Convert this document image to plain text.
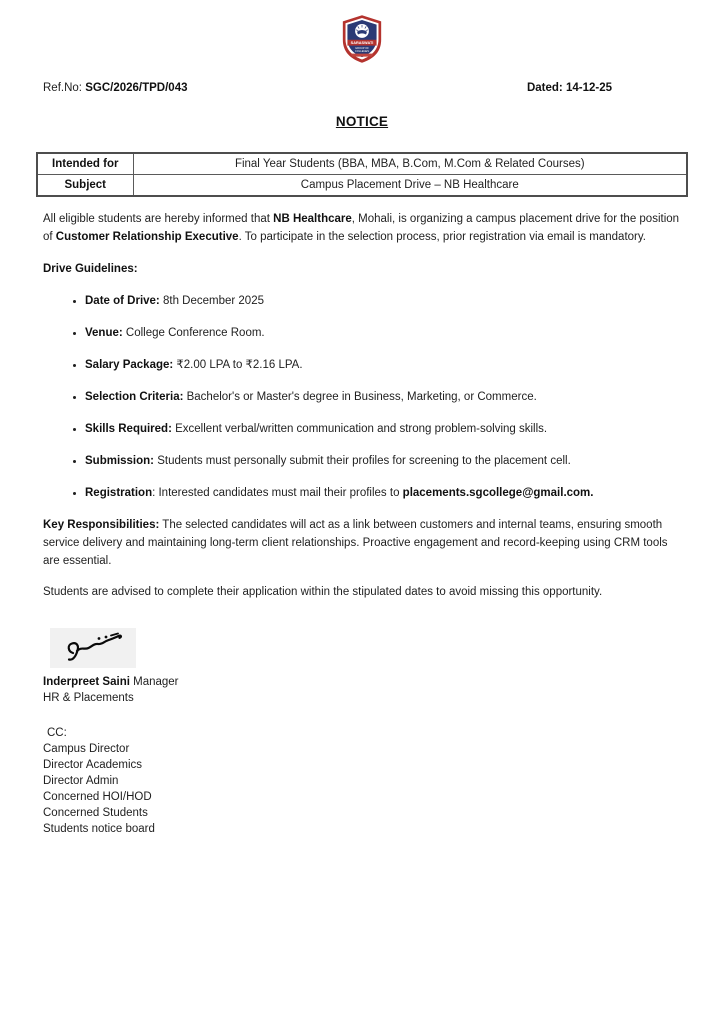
SARASWATI
GROUP OF
COLLEGES
Ref.No: SGC/2026/TPD/043	Dated: 14-12-25
NOTICE
Intended for	Final Year Students (BBA, MBA, B.Com, M.Com & Related Courses)
Subject	Campus Placement Drive – NB Healthcare
All eligible students are hereby informed that NB Healthcare, Mohali, is organizing a campus placement drive for the position of Customer Relationship Executive. To participate in the selection process, prior registration via email is mandatory.
Drive Guidelines:
• Date of Drive: 8th December 2025
• Venue: College Conference Room.
• Salary Package: ₹2.00 LPA to ₹2.16 LPA.
• Selection Criteria: Bachelor's or Master's degree in Business, Marketing, or Commerce.
• Skills Required: Excellent verbal/written communication and strong problem-solving skills.
• Submission: Students must personally submit their profiles for screening to the placement cell.
• Registration: Interested candidates must mail their profiles to placements.sgcollege@gmail.com.
Key Responsibilities: The selected candidates will act as a link between customers and internal teams, ensuring smooth service delivery and maintaining long-term client relationships. Proactive engagement and record-keeping using CRM tools are essential.
Students are advised to complete their application within the stipulated dates to avoid missing this opportunity.
Inderpreet Saini Manager
HR & Placements
CC:
Campus Director
Director Academics
Director Admin
Concerned HOI/HOD
Concerned Students
Students notice board
